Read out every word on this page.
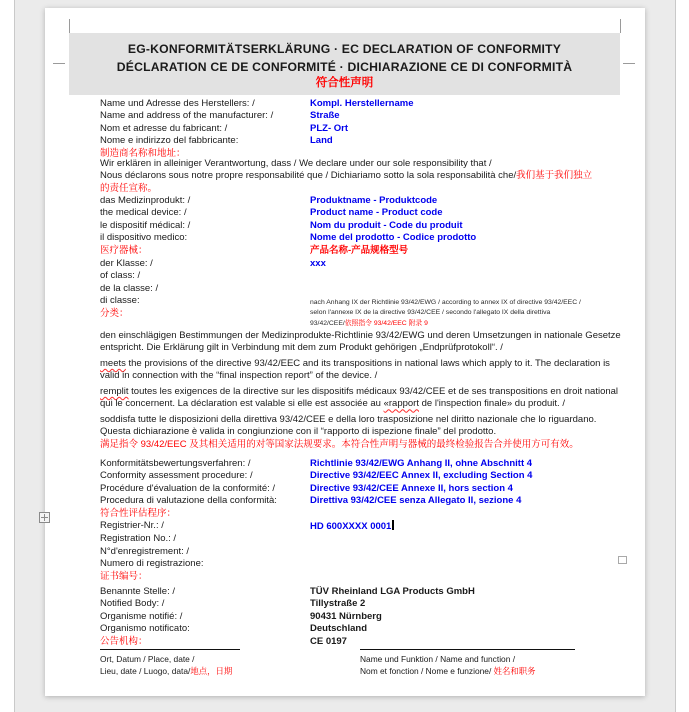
EG-KONFORMITÄTSERKLÄRUNG · EC DECLARATION OF CONFORMITY
DÉCLARATION CE DE CONFORMITÉ · DICHIARAZIONE CE DI CONFORMITÀ
符合性声明
Name und Adresse des Herstellers: /	Kompl. Herstellername
Name and address of the manufacturer: /	Straße
Nom et adresse du fabricant: /	PLZ- Ort
Nome e indirizzo del fabbricante:	Land
制造商名称和地址：
Wir erklären in alleiniger Verantwortung, dass / We declare under our sole responsibility that /
Nous déclarons sous notre propre responsabilité que / Dichiariamo sotto la sola responsabilità che/我们基于我们独立
的责任宣称。
das Medizinprodukt: /	Produktname - Produktcode
the medical device: /	Product name - Product code
le dispositif médical: /	Nom du produit - Code du produit
il dispositivo medico:	Nome del prodotto - Codice prodotto
医疗器械：	产品名称-产品规格型号
der Klasse: /	xxx
of class: /
de la classe: /
di classe:
分类：
nach Anhang IX der Richtlinie 93/42/EWG / according to annex IX of directive 93/42/EEC /
selon l'annexe IX de la directive 93/42/CEE / secondo l'allegato IX della direttiva
93/42/CEE/依照指令 93/42/EEC 附录 9
den einschlägigen Bestimmungen der Medizinprodukte-Richtlinie 93/42/EWG und deren Umsetzungen in nationale Gesetze entspricht. Die Erklärung gilt in Verbindung mit dem zum Produkt gehörigen „Endprüfprotokoll“. /
meets the provisions of the directive 93/42/EEC and its transpositions in national laws which apply to it. The declaration is valid in connection with the “final inspection report” of the device. /
remplit toutes les exigences de la directive sur les dispositifs médicaux 93/42/CEE et de ses transpositions en droit national qui le concernent. La déclaration est valable si elle est associée au «rapport de l'inspection finale» du produit. /
soddisfa tutte le disposizioni della direttiva 93/42/CEE e della loro trasposizione nel diritto nazionale che lo riguardano. Questa dichiarazione è valida in congiunzione con il “rapporto di ispezione finale” del prodotto.
满足指令 93/42/EEC 及其相关适用的对等国家法规要求。本符合性声明与器械的最终检验报告合并使用方可有效。
Konformitätsbewertungsverfahren: /	Richtlinie 93/42/EWG Anhang II, ohne Abschnitt 4
Conformity assessment procedure: /	Directive 93/42/EEC Annex II, excluding Section 4
Procédure d'évaluation de la conformité: /	Directive 93/42/CEE Annexe II, hors section 4
Procedura di valutazione della conformità:	Direttiva 93/42/CEE senza Allegato II, sezione 4
符合性评估程序：
Registrier-Nr.: /	HD 600XXXX 0001
Registration No.: /
N°d'enregistrement: /
Numero di registrazione:
证书编号：
Benannte Stelle: /	TÜV Rheinland LGA Products GmbH
Notified Body: /	Tillystraße 2
Organisme notifié: /	90431 Nürnberg
Organismo notificato:	Deutschland
公告机构：	CE 0197
Ort, Datum / Place, date /
Lieu, date / Luogo, data/地点，日期
Name und Funktion / Name and function /
Nom et fonction / Nome e funzione/ 姓名和职务
